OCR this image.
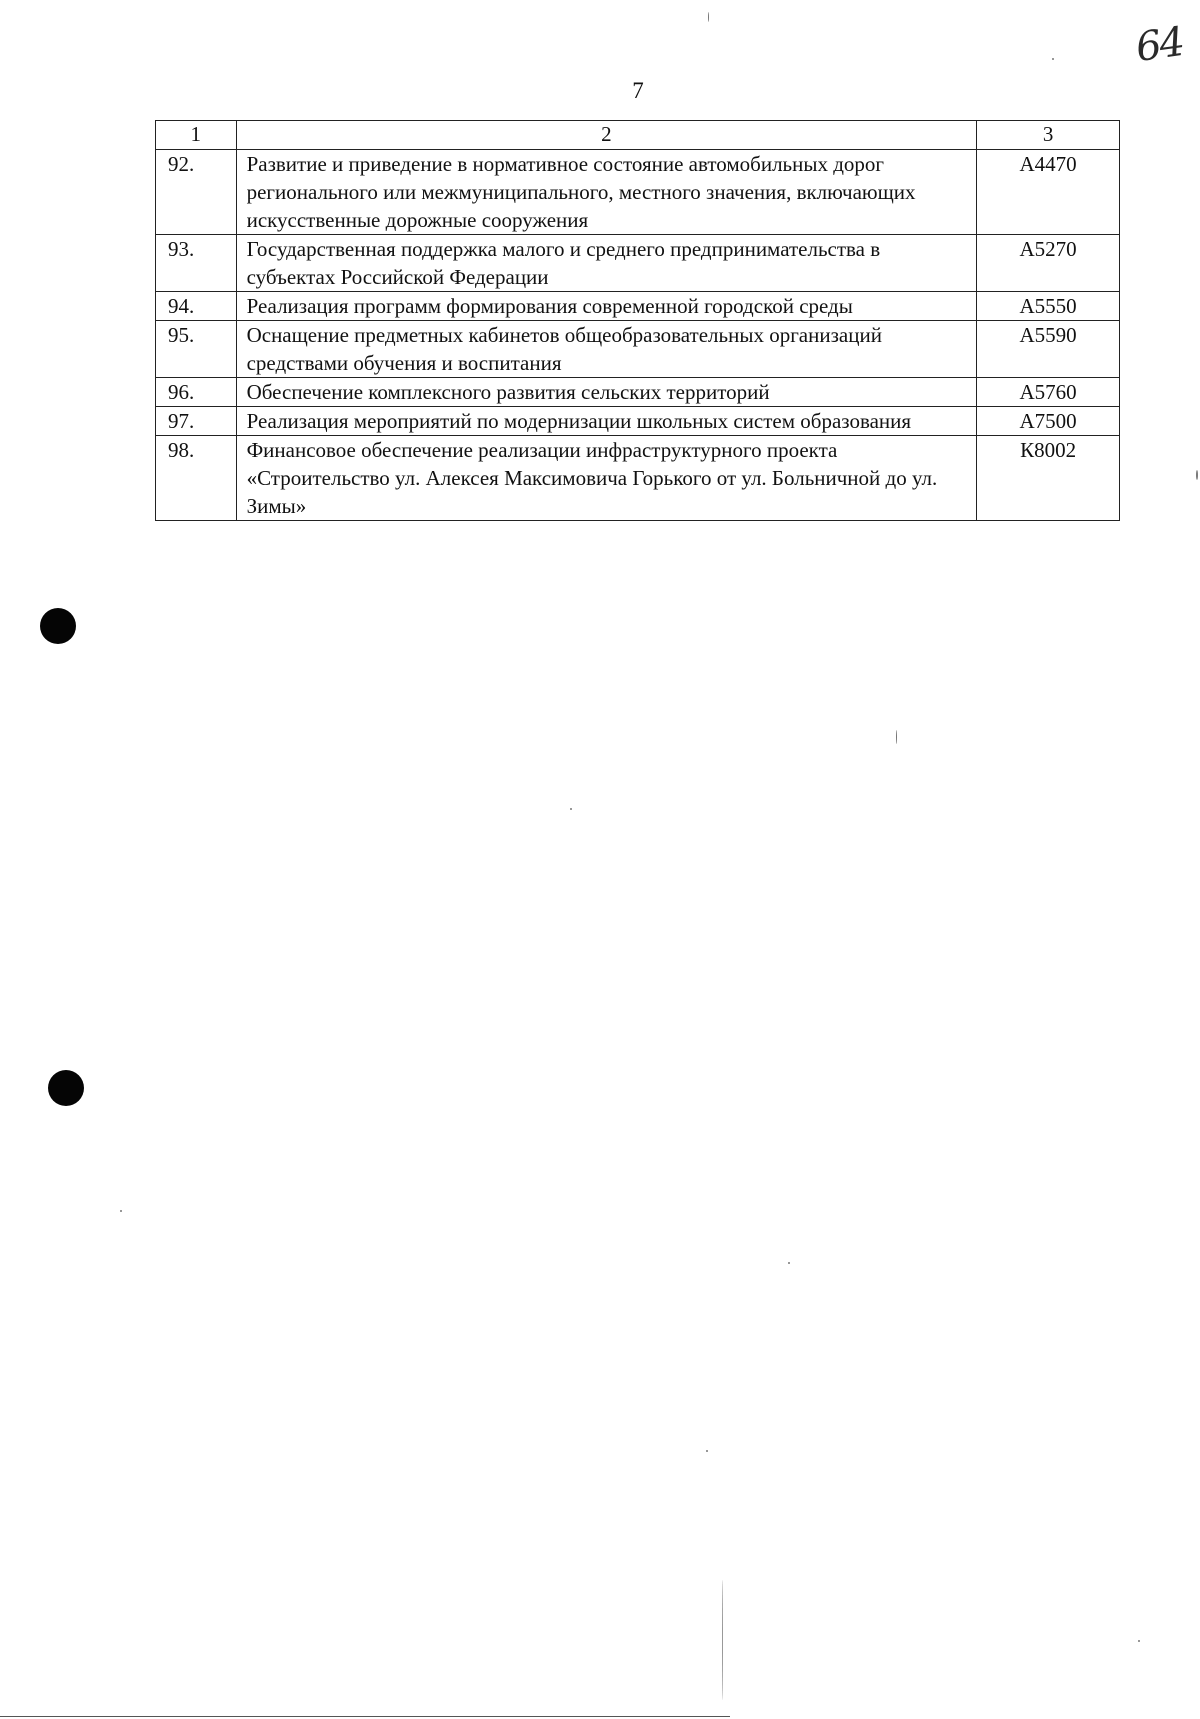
64
7
1	2	3
92.	Развитие и приведение в нормативное состояние автомобильных дорог регионального или межмуниципального, местного значения, включающих искусственные дорожные сооружения	А4470
93.	Государственная поддержка малого и среднего предпринимательства в субъектах Российской Федерации	А5270
94.	Реализация программ формирования современной городской среды	А5550
95.	Оснащение предметных кабинетов общеобразовательных организаций средствами обучения и воспитания	А5590
96.	Обеспечение комплексного развития сельских территорий	А5760
97.	Реализация мероприятий по модернизации школьных систем образования	А7500
98.	Финансовое обеспечение реализации инфраструктурного проекта «Строительство ул. Алексея Максимовича Горького от ул. Больничной до ул. Зимы»	К8002
